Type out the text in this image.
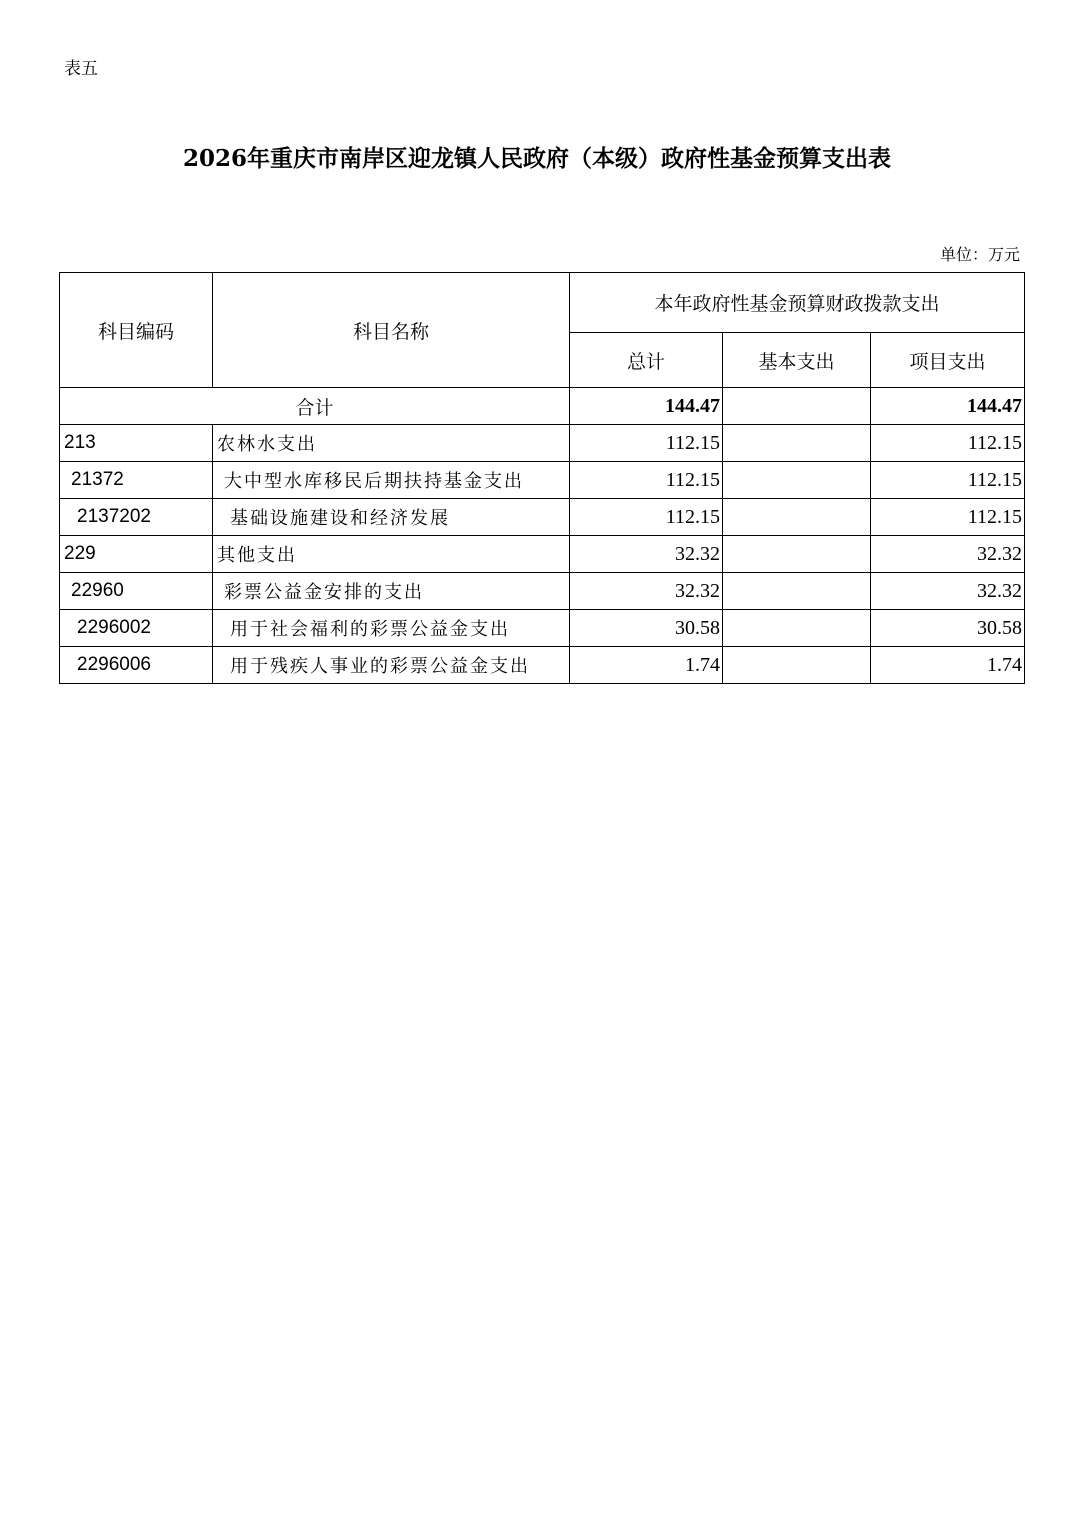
表五
2026年重庆市南岸区迎龙镇人民政府（本级）政府性基金预算支出表
单位：万元
科目编码	科目名称	本年政府性基金预算财政拨款支出		
		总计	基本支出	项目支出
合计		144.47		144.47
213	农林水支出	112.15		112.15
21372	大中型水库移民后期扶持基金支出	112.15		112.15
2137202	基础设施建设和经济发展	112.15		112.15
229	其他支出	32.32		32.32
22960	彩票公益金安排的支出	32.32		32.32
2296002	用于社会福利的彩票公益金支出	30.58		30.58
2296006	用于残疾人事业的彩票公益金支出	1.74		1.74
